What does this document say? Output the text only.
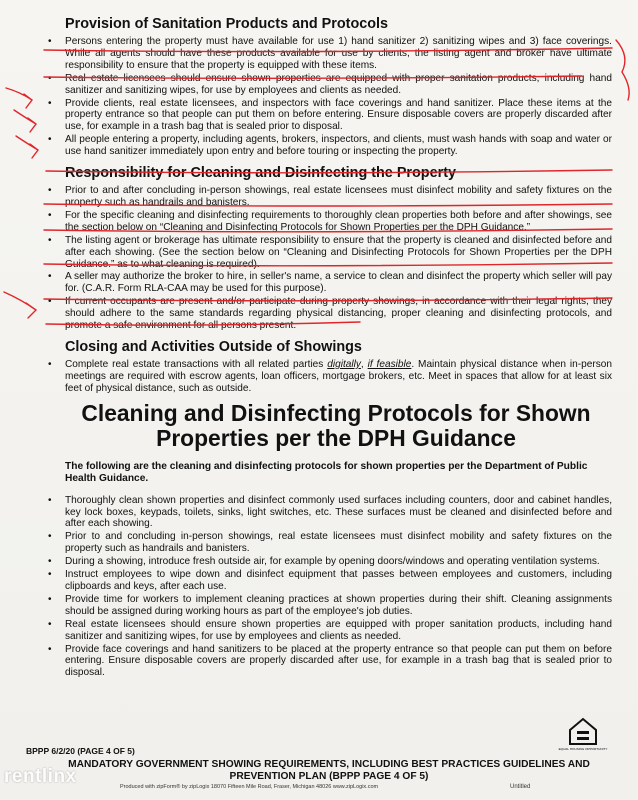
Provision of Sanitation Products and Protocols
• Persons entering the property must have available for use 1) hand sanitizer 2) sanitizing wipes and 3) face coverings. While all agents should have these products available for use by clients, the listing agent and broker have ultimate responsibility to ensure that the property is equipped with these items.
• Real estate licensees should ensure shown properties are equipped with proper sanitation products, including hand sanitizer and sanitizing wipes, for use by employees and clients as needed.
• Provide clients, real estate licensees, and inspectors with face coverings and hand sanitizer. Place these items at the property entrance so that people can put them on before entering. Ensure disposable covers are properly discarded after use, for example in a trash bag that is sealed prior to disposal.
• All people entering a property, including agents, brokers, inspectors, and clients, must wash hands with soap and water or use hand sanitizer immediately upon entry and before touring or inspecting the property.
Responsibility for Cleaning and Disinfecting the Property
• Prior to and after concluding in-person showings, real estate licensees must disinfect mobility and safety fixtures on the property such as handrails and banisters.
• For the specific cleaning and disinfecting requirements to thoroughly clean properties both before and after showings, see the section below on “Cleaning and Disinfecting Protocols for Shown Properties per the DPH Guidance.”
• The listing agent or brokerage has ultimate responsibility to ensure that the property is cleaned and disinfected before and after each showing. (See the section below on “Cleaning and Disinfecting Protocols for Shown Properties per the DPH Guidance.” as to what cleaning is required).
• A seller may authorize the broker to hire, in seller's name, a service to clean and disinfect the property which seller will pay for. (C.A.R. Form RLA-CAA may be used for this purpose).
• If current occupants are present and/or participate during property showings, in accordance with their legal rights, they should adhere to the same standards regarding physical distancing, proper cleaning and disinfecting protocols, and promote a safe environment for all persons present.
Closing and Activities Outside of Showings
• Complete real estate transactions with all related parties digitally, if feasible. Maintain physical distance when in-person meetings are required with escrow agents, loan officers, mortgage brokers, etc. Meet in spaces that allow for at least six feet of physical distance, such as outside.
Cleaning and Disinfecting Protocols for Shown Properties per the DPH Guidance

The following are the cleaning and disinfecting protocols for shown properties per the Department of Public Health Guidance.

• Thoroughly clean shown properties and disinfect commonly used surfaces including counters, door and cabinet handles, key lock boxes, keypads, toilets, sinks, light switches, etc. These surfaces must be cleaned and disinfected before and after each showing.
• Prior to and concluding in-person showings, real estate licensees must disinfect mobility and safety fixtures on the property such as handrails and banisters.
• During a showing, introduce fresh outside air, for example by opening doors/windows and operating ventilation systems.
• Instruct employees to wipe down and disinfect equipment that passes between employees and customers, including clipboards and keys, after each use.
• Provide time for workers to implement cleaning practices at shown properties during their shift. Cleaning assignments should be assigned during working hours as part of the employee's job duties.
• Real estate licensees should ensure shown properties are equipped with proper sanitation products, including hand sanitizer and sanitizing wipes, for use by employees and clients as needed.
• Provide face coverings and hand sanitizers to be placed at the property entrance so that people can put them on before entering. Ensure disposable covers are properly discarded after use, for example in a trash bag that is sealed prior to disposal.
EQUAL HOUSING OPPORTUNITY
BPPP 6/2/20 (PAGE 4 OF 5)
MANDATORY GOVERNMENT SHOWING REQUIREMENTS, INCLUDING BEST PRACTICES GUIDELINES AND PREVENTION PLAN (BPPP PAGE 4 OF 5)
Produced with zipForm® by zipLogix 18070 Fifteen Mile Road, Fraser, Michigan 48026 www.zipLogix.com	Untitled
rentlinx
